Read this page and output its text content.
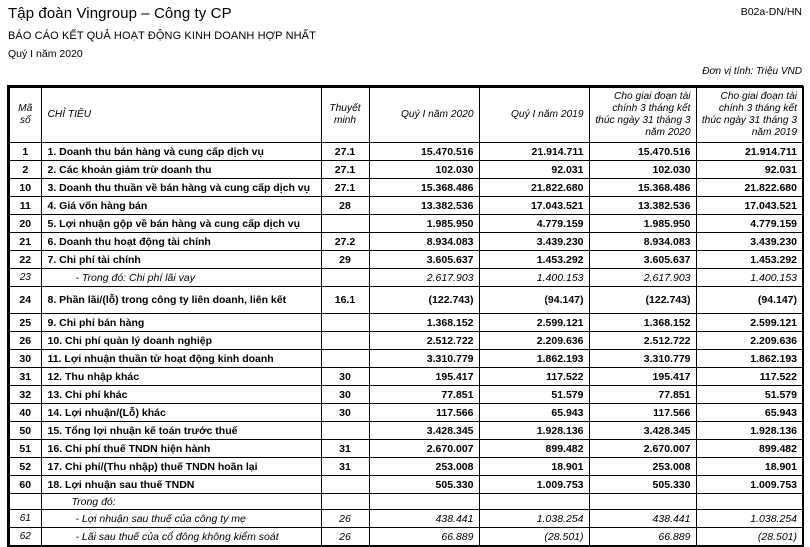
Tập đoàn Vingroup – Công ty CP	B02a-DN/HN
BÁO CÁO KẾT QUẢ HOẠT ĐỘNG KINH DOANH HỢP NHẤT
Quý I năm 2020
Đơn vị tính: Triệu VND
Mã số	CHỈ TIÊU	Thuyết minh	Quý I năm 2020	Quý I năm 2019	Cho giai đoạn tài chính 3 tháng kết thúc ngày 31 tháng 3 năm 2020	Cho giai đoạn tài chính 3 tháng kết thúc ngày 31 tháng 3 năm 2019
1	1. Doanh thu bán hàng và cung cấp dịch vụ	27.1	15.470.516	21.914.711	15.470.516	21.914.711
2	2. Các khoản giảm trừ doanh thu	27.1	102.030	92.031	102.030	92.031
10	3. Doanh thu thuần về bán hàng và cung cấp dịch vụ	27.1	15.368.486	21.822.680	15.368.486	21.822.680
11	4. Giá vốn hàng bán	28	13.382.536	17.043.521	13.382.536	17.043.521
20	5. Lợi nhuận gộp về bán hàng và cung cấp dịch vụ		1.985.950	4.779.159	1.985.950	4.779.159
21	6. Doanh thu hoạt động tài chính	27.2	8.934.083	3.439.230	8.934.083	3.439.230
22	7. Chi phí tài chính	29	3.605.637	1.453.292	3.605.637	1.453.292
23	- Trong đó: Chi phí lãi vay		2.617.903	1.400.153	2.617.903	1.400.153
24	8. Phần lãi/(lỗ) trong công ty liên doanh, liên kết	16.1	(122.743)	(94.147)	(122.743)	(94.147)
25	9. Chi phí bán hàng		1.368.152	2.599.121	1.368.152	2.599.121
26	10. Chi phí quản lý doanh nghiệp		2.512.722	2.209.636	2.512.722	2.209.636
30	11. Lợi nhuận thuần từ hoạt động kinh doanh		3.310.779	1.862.193	3.310.779	1.862.193
31	12. Thu nhập khác	30	195.417	117.522	195.417	117.522
32	13. Chi phí khác	30	77.851	51.579	77.851	51.579
40	14. Lợi nhuận/(Lỗ) khác	30	117.566	65.943	117.566	65.943
50	15. Tổng lợi nhuận kế toán trước thuế		3.428.345	1.928.136	3.428.345	1.928.136
51	16. Chi phí thuế TNDN hiện hành	31	2.670.007	899.482	2.670.007	899.482
52	17. Chi phí/(Thu nhập) thuế TNDN hoãn lại	31	253.008	18.901	253.008	18.901
60	18. Lợi nhuận sau thuế TNDN		505.330	1.009.753	505.330	1.009.753
	Trong đó:					
61	- Lợi nhuận sau thuế của công ty mẹ	26	438.441	1.038.254	438.441	1.038.254
62	- Lãi sau thuế của cổ đông không kiểm soát	26	66.889	(28.501)	66.889	(28.501)
